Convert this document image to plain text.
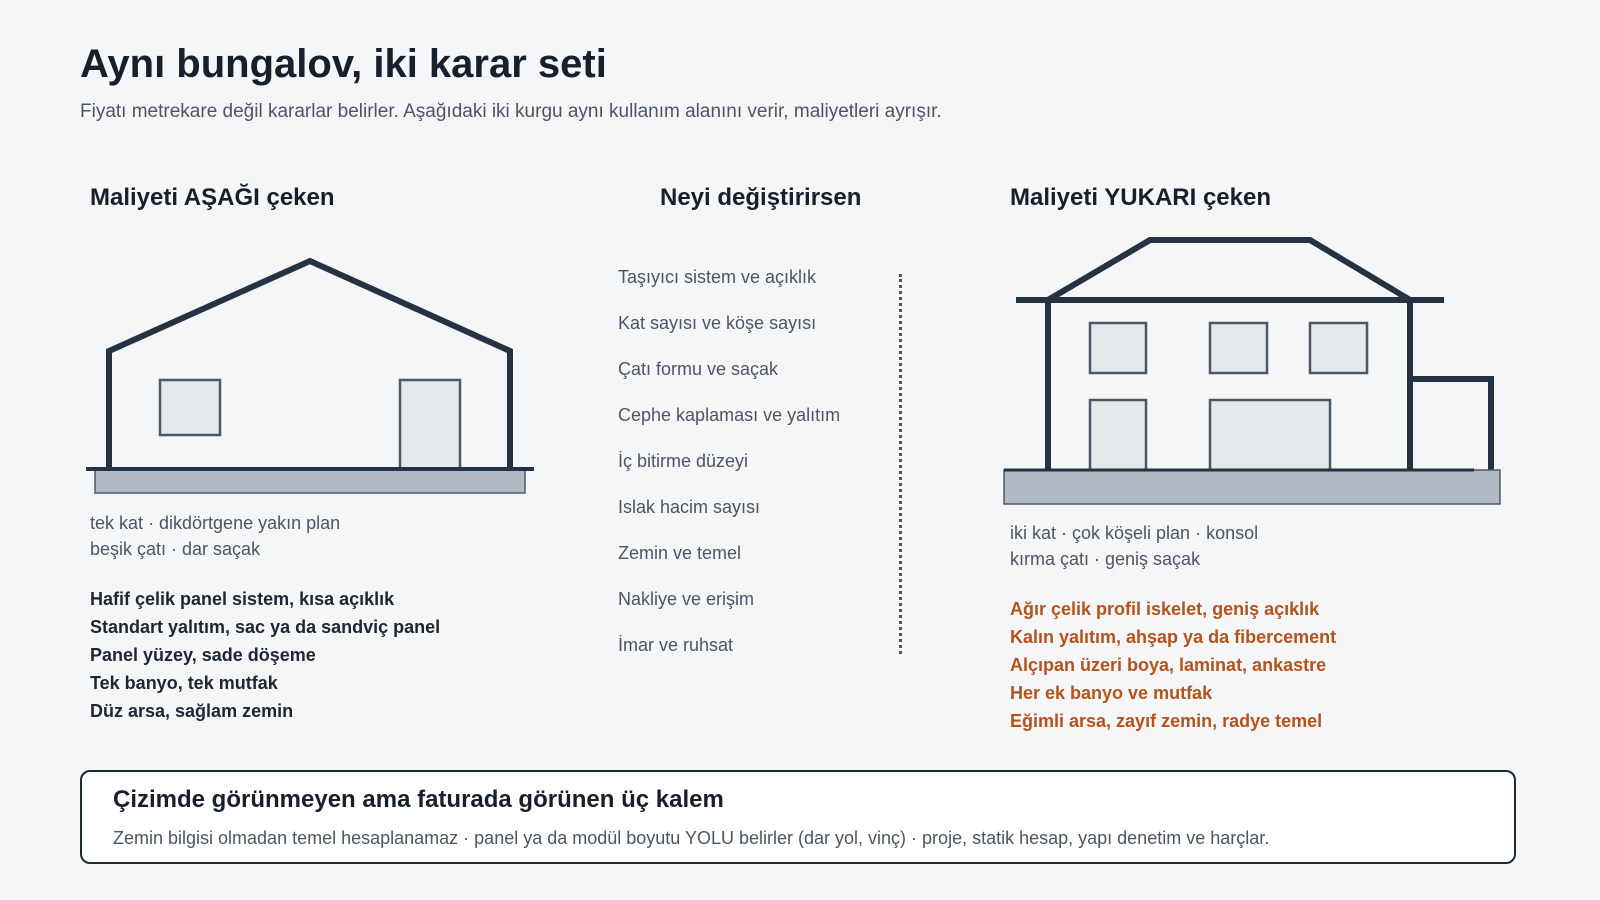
Aynı bungalov, iki karar seti

Fiyatı metrekare değil kararlar belirler. Aşağıdaki iki kurgu aynı kullanım alanını verir, maliyetleri ayrışır.

Maliyeti AŞAĞI çeken
tek kat · dikdörtgene yakın plan
beşik çatı · dar saçak
Hafif çelik panel sistem, kısa açıklık
Standart yalıtım, sac ya da sandviç panel
Panel yüzey, sade döşeme
Tek banyo, tek mutfak
Düz arsa, sağlam zemin
Neyi değiştirirsen
Taşıyıcı sistem ve açıklık
Kat sayısı ve köşe sayısı
Çatı formu ve saçak
Cephe kaplaması ve yalıtım
İç bitirme düzeyi
Islak hacim sayısı
Zemin ve temel
Nakliye ve erişim
İmar ve ruhsat
Maliyeti YUKARI çeken
iki kat · çok köşeli plan · konsol
kırma çatı · geniş saçak
Ağır çelik profil iskelet, geniş açıklık
Kalın yalıtım, ahşap ya da fibercement
Alçıpan üzeri boya, laminat, ankastre
Her ek banyo ve mutfak
Eğimli arsa, zayıf zemin, radye temel
Çizimde görünmeyen ama faturada görünen üç kalem

Zemin bilgisi olmadan temel hesaplanamaz · panel ya da modül boyutu YOLU belirler (dar yol, vinç) · proje, statik hesap, yapı denetim ve harçlar.
